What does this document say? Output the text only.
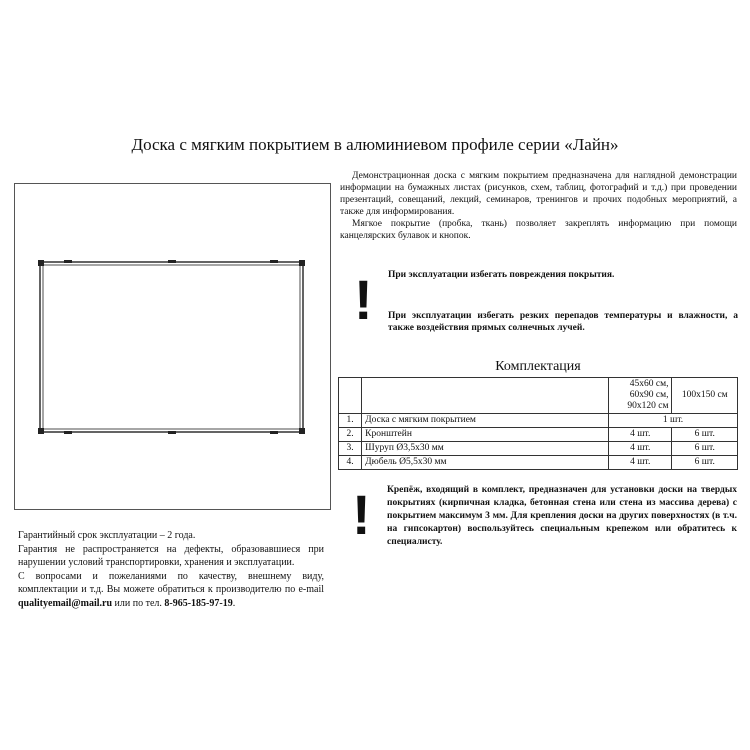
Доска с мягким покрытием в алюминиевом профиле серии «Лайн»

Демонстрационная доска с мягким покрытием предназначена для наглядной демонстрации информации на бумажных листах (рисунков, схем, таблиц, фотографий и т.д.) при проведении презентаций, совещаний, лекций, семинаров, тренингов и прочих подобных мероприятий, а также для информирования.

Мягкое покрытие (пробка, ткань) позволяет закреплять информацию при помощи канцелярских булавок и кнопок.

! При эксплуатации избегать повреждения покрытия.
При эксплуатации избегать резких перепадов температуры и влажности, а также воздействия прямых солнечных лучей.
Комплектация
		45х60 см, 60х90 см, 90х120 см	100х150 см
1.	Доска с мягким покрытием	1 шт.	
2.	Кронштейн	4 шт.	6 шт.
3.	Шуруп Ø3,5х30 мм	4 шт.	6 шт.
4.	Дюбель Ø5,5х30 мм	4 шт.	6 шт.
! Крепёж, входящий в комплект, предназначен для установки доски на твердых покрытиях (кирпичная кладка, бетонная стена или стена из массива дерева) с покрытием максимум 3 мм. Для крепления доски на других поверхностях (в т.ч. на гипсокартон) воспользуйтесь специальным крепежом или обратитесь к специалисту.

Гарантийный срок эксплуатации – 2 года.

Гарантия не распространяется на дефекты, образовавшиеся при нарушении условий транспортировки, хранения и эксплуатации.

С вопросами и пожеланиями по качеству, внешнему виду, комплектации и т.д. Вы можете обратиться к производителю по e-mail qualityemail@mail.ru или по тел. 8-965-185-97-19.
